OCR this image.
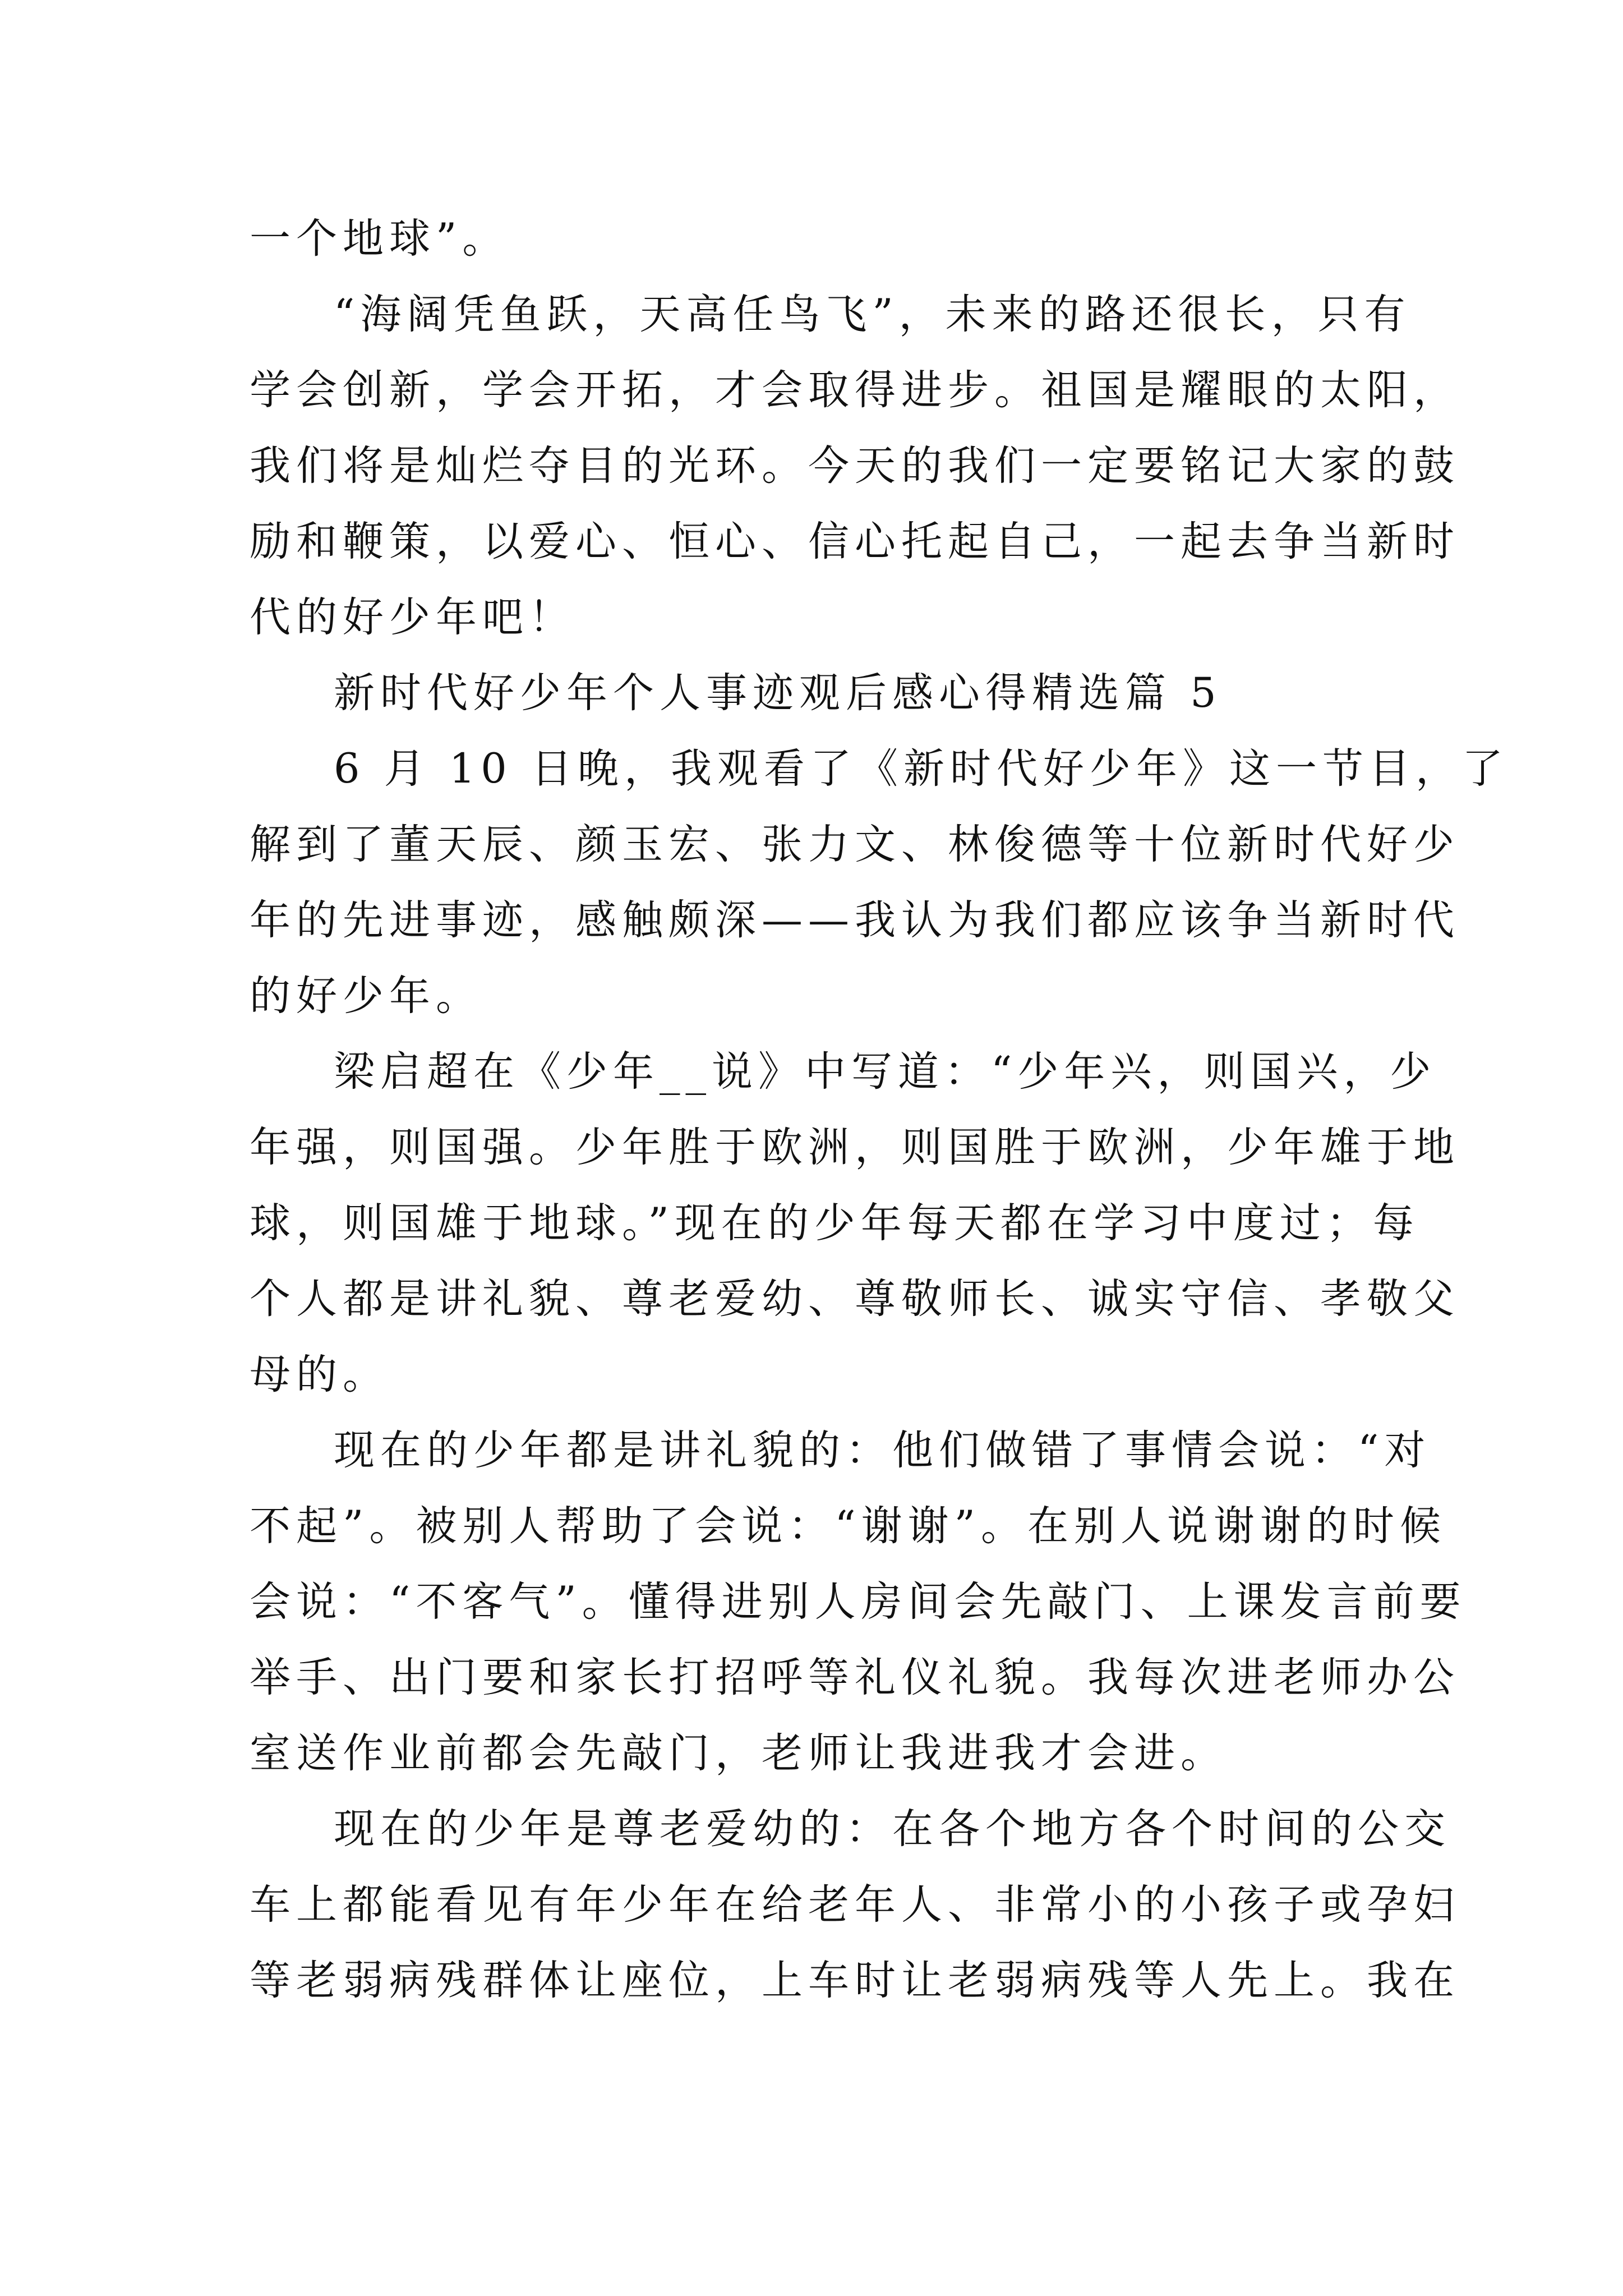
一个地球”。
“海阔凭鱼跃，天高任鸟飞”，未来的路还很长，只有
学会创新，学会开拓，才会取得进步。祖国是耀眼的太阳，
我们将是灿烂夺目的光环。今天的我们一定要铭记大家的鼓
励和鞭策，以爱心、恒心、信心托起自己，一起去争当新时
代的好少年吧！
新时代好少年个人事迹观后感心得精选篇 5
6 月 10 日晚，我观看了《新时代好少年》这一节目，了
解到了董天辰、颜玉宏、张力文、林俊德等十位新时代好少
年的先进事迹，感触颇深——我认为我们都应该争当新时代
的好少年。
梁启超在《少年__说》中写道：“少年兴，则国兴，少
年强，则国强。少年胜于欧洲，则国胜于欧洲，少年雄于地
球，则国雄于地球。”现在的少年每天都在学习中度过；每
个人都是讲礼貌、尊老爱幼、尊敬师长、诚实守信、孝敬父
母的。
现在的少年都是讲礼貌的：他们做错了事情会说：“对
不起”。被别人帮助了会说：“谢谢”。在别人说谢谢的时候
会说：“不客气”。懂得进别人房间会先敲门、上课发言前要
举手、出门要和家长打招呼等礼仪礼貌。我每次进老师办公
室送作业前都会先敲门，老师让我进我才会进。
现在的少年是尊老爱幼的：在各个地方各个时间的公交
车上都能看见有年少年在给老年人、非常小的小孩子或孕妇
等老弱病残群体让座位，上车时让老弱病残等人先上。我在
